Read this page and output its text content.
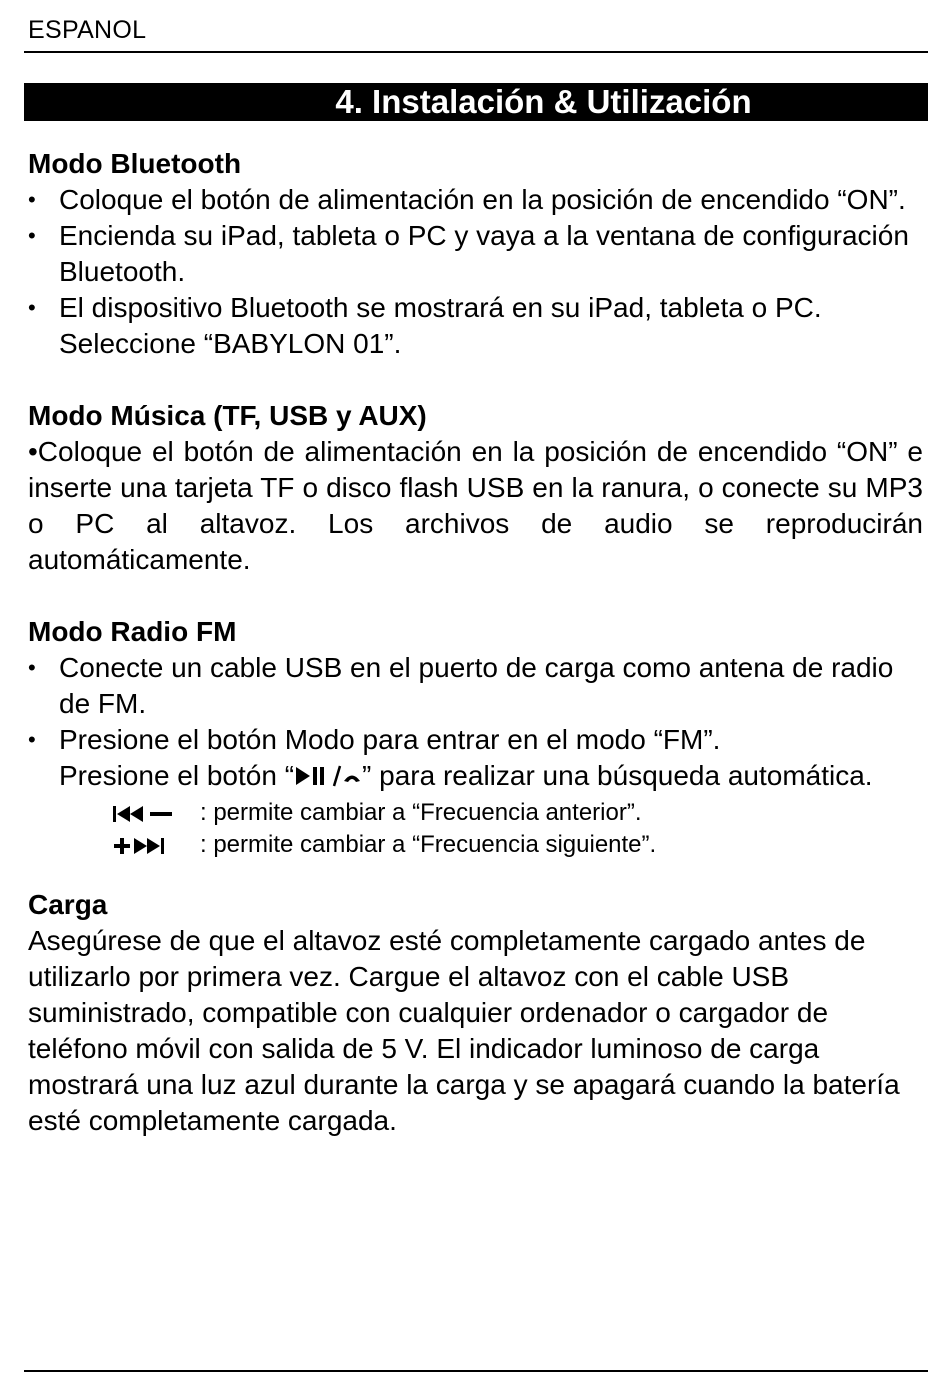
ESPANOL
4. Instalación & Utilización
Modo Bluetooth
• Coloque el botón de alimentación en la posición de encendido “ON”.
• Encienda su iPad, tableta o PC y vaya a la ventana de configuración Bluetooth.
• El dispositivo Bluetooth se mostrará en su iPad, tableta o PC. Seleccione “BABYLON 01”.
Modo Música (TF, USB y AUX)

•Coloque el botón de alimentación en la posición de encendido “ON” e inserte una tarjeta TF o disco flash USB en la ranura, o conecte su MP3 o PC al altavoz. Los archivos de audio se reproducirán automáticamente.

Modo Radio FM
• Conecte un cable USB en el puerto de carga como antena de radio de FM.
• Presione el botón Modo para entrar en el modo “FM”.
Presione el botón “ ” para realizar una búsqueda automática.
: permite cambiar a “Frecuencia anterior”.
: permite cambiar a “Frecuencia siguiente”.
Carga

Asegúrese de que el altavoz esté completamente cargado antes de utilizarlo por primera vez. Cargue el altavoz con el cable USB suministrado, compatible con cualquier ordenador o cargador de teléfono móvil con salida de 5 V. El indicador luminoso de carga mostrará una luz azul durante la carga y se apagará cuando la batería esté completamente cargada.
